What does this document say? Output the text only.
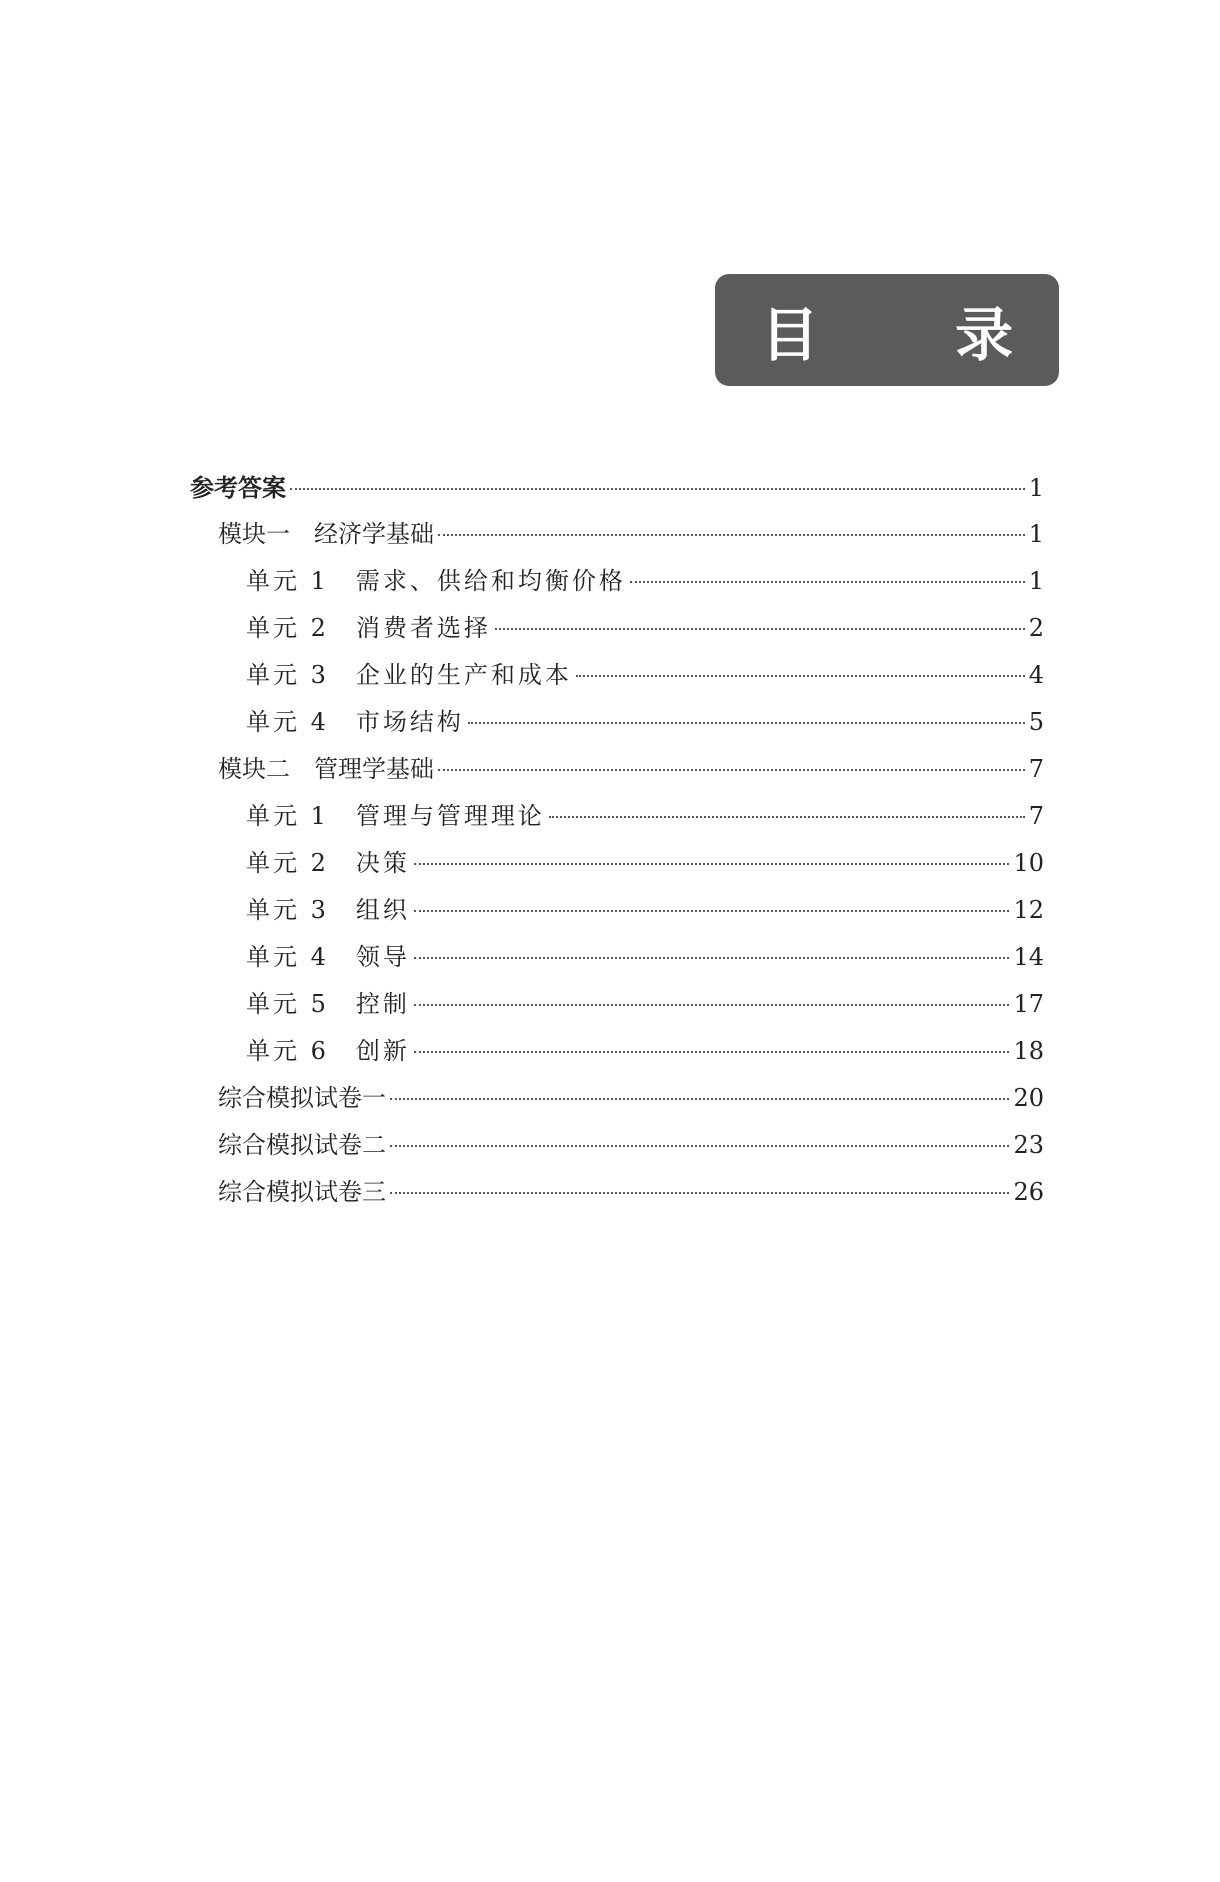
目 录
参考答案	1
模块一　经济学基础	1
单元 1　需求、供给和均衡价格	1
单元 2　消费者选择	2
单元 3　企业的生产和成本	4
单元 4　市场结构	5
模块二　管理学基础	7
单元 1　管理与管理理论	7
单元 2　决策	10
单元 3　组织	12
单元 4　领导	14
单元 5　控制	17
单元 6　创新	18
综合模拟试卷一	20
综合模拟试卷二	23
综合模拟试卷三	26
